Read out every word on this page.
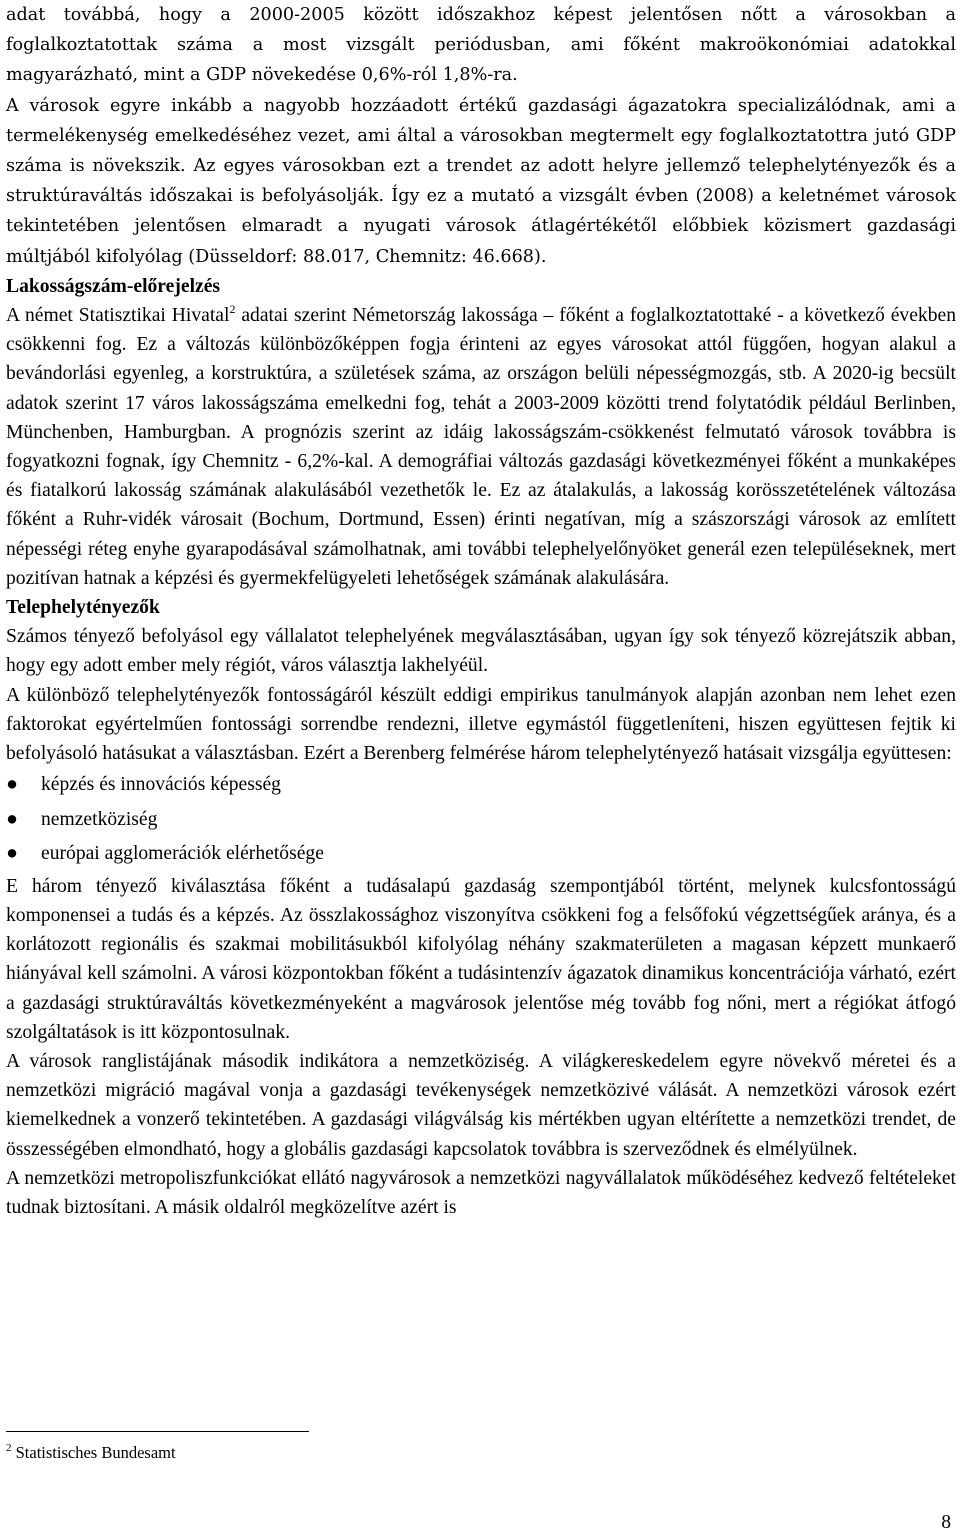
adat továbbá, hogy a 2000-2005 között időszakhoz képest jelentősen nőtt a városokban a foglalkoztatottak száma a most vizsgált periódusban, ami főként makroökonómiai adatokkal magyarázható, mint a GDP növekedése 0,6%-ról 1,8%-ra.

A városok egyre inkább a nagyobb hozzáadott értékű gazdasági ágazatokra specializálódnak, ami a termelékenység emelkedéséhez vezet, ami által a városokban megtermelt egy foglalkoztatottra jutó GDP száma is növekszik. Az egyes városokban ezt a trendet az adott helyre jellemző telephelytényezők és a struktúraváltás időszakai is befolyásolják. Így ez a mutató a vizsgált évben (2008) a keletnémet városok tekintetében jelentősen elmaradt a nyugati városok átlagértékétől előbbiek közismert gazdasági múltjából kifolyólag (Düsseldorf: 88.017, Chemnitz: 46.668).

Lakosságszám-előrejelzés

A német Statisztikai Hivatal$^2$ adatai szerint Németország lakossága – főként a foglalkoztatottaké - a következő években csökkenni fog. Ez a változás különbözőképpen fogja érinteni az egyes városokat attól függően, hogyan alakul a bevándorlási egyenleg, a korstruktúra, a születések száma, az országon belüli népességmozgás, stb. A 2020-ig becsült adatok szerint 17 város lakosságszáma emelkedni fog, tehát a 2003-2009 közötti trend folytatódik például Berlinben, Münchenben, Hamburgban. A prognózis szerint az idáig lakosságszám-csökkenést felmutató városok továbbra is fogyatkozni fognak, így Chemnitz - 6,2%-kal. A demográfiai változás gazdasági következményei főként a munkaképes és fiatalkorú lakosság számának alakulásából vezethetők le. Ez az átalakulás, a lakosság korösszetételének változása főként a Ruhr-vidék városait (Bochum, Dortmund, Essen) érinti negatívan, míg a szászországi városok az említett népességi réteg enyhe gyarapodásával számolhatnak, ami további telephelyelőnyöket generál ezen településeknek, mert pozitívan hatnak a képzési és gyermekfelügyeleti lehetőségek számának alakulására.

Telephelytényezők

Számos tényező befolyásol egy vállalatot telephelyének megválasztásában, ugyan így sok tényező közrejátszik abban, hogy egy adott ember mely régiót, város választja lakhelyéül.

A különböző telephelytényezők fontosságáról készült eddigi empirikus tanulmányok alapján azonban nem lehet ezen faktorokat egyértelműen fontossági sorrendbe rendezni, illetve egymástól függetleníteni, hiszen együttesen fejtik ki befolyásoló hatásukat a választásban. Ezért a Berenberg felmérése három telephelytényező hatásait vizsgálja együttesen:

● képzés és innovációs képesség
● nemzetköziség
● európai agglomerációk elérhetősége

E három tényező kiválasztása főként a tudásalapú gazdaság szempontjából történt, melynek kulcsfontosságú komponensei a tudás és a képzés. Az összlakossághoz viszonyítva csökkeni fog a felsőfokú végzettségűek aránya, és a korlátozott regionális és szakmai mobilitásukból kifolyólag néhány szakmaterületen a magasan képzett munkaerő hiányával kell számolni. A városi központokban főként a tudásintenzív ágazatok dinamikus koncentrációja várható, ezért a gazdasági struktúraváltás következményeként a magvárosok jelentőse még tovább fog nőni, mert a régiókat átfogó szolgáltatások is itt központosulnak.

A városok ranglistájának második indikátora a nemzetköziség. A világkereskedelem egyre növekvő méretei és a nemzetközi migráció magával vonja a gazdasági tevékenységek nemzetközivé válását. A nemzetközi városok ezért kiemelkednek a vonzerő tekintetében. A gazdasági világválság kis mértékben ugyan eltérítette a nemzetközi trendet, de összességében elmondható, hogy a globális gazdasági kapcsolatok továbbra is szerveződnek és elmélyülnek.

A nemzetközi metropoliszfunkciókat ellátó nagyvárosok a nemzetközi nagyvállalatok működéséhez kedvező feltételeket tudnak biztosítani. A másik oldalról megközelítve azért is

$^2$ Statistisches Bundesamt
8
